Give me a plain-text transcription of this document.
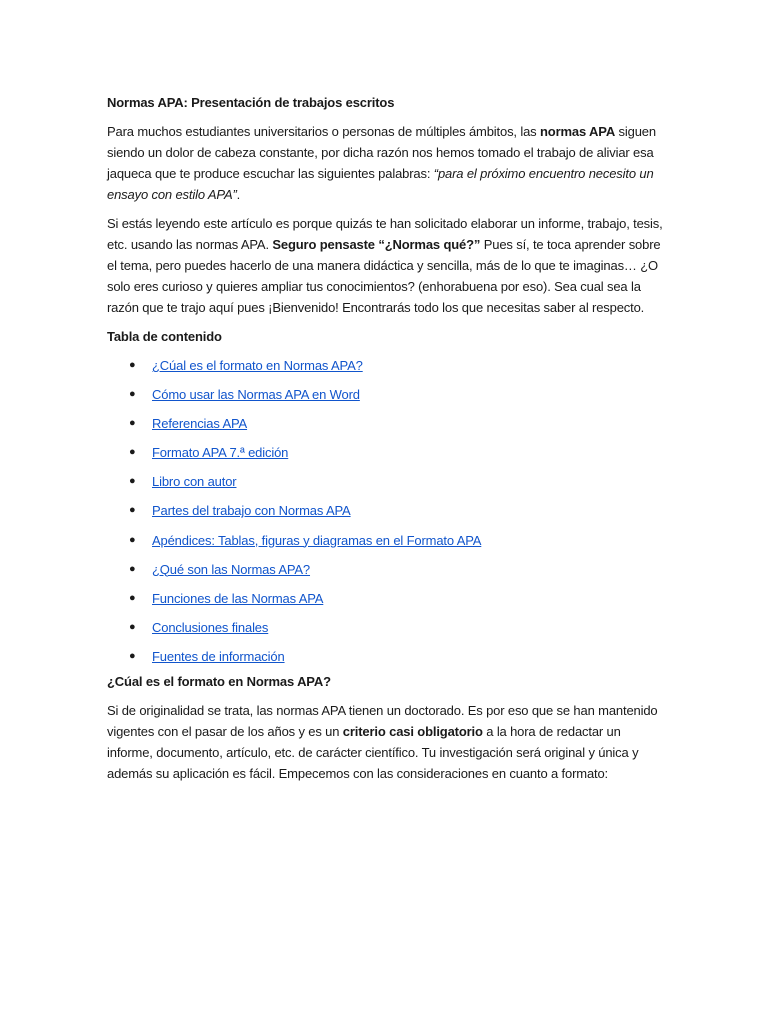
Normas APA: Presentación de trabajos escritos

Para muchos estudiantes universitarios o personas de múltiples ámbitos, las normas APA siguen siendo un dolor de cabeza constante, por dicha razón nos hemos tomado el trabajo de aliviar esa jaqueca que te produce escuchar las siguientes palabras: “para el próximo encuentro necesito un ensayo con estilo APA”.

Si estás leyendo este artículo es porque quizás te han solicitado elaborar un informe, trabajo, tesis, etc. usando las normas APA. Seguro pensaste “¿Normas qué?” Pues sí, te toca aprender sobre el tema, pero puedes hacerlo de una manera didáctica y sencilla, más de lo que te imaginas… ¿O solo eres curioso y quieres ampliar tus conocimientos? (enhorabuena por eso). Sea cual sea la razón que te trajo aquí pues ¡Bienvenido! Encontrarás todo los que necesitas saber al respecto.

Tabla de contenido

● ¿Cúal es el formato en Normas APA?
● Cómo usar las Normas APA en Word
● Referencias APA
● Formato APA 7.ª edición
● Libro con autor
● Partes del trabajo con Normas APA
● Apéndices: Tablas, figuras y diagramas en el Formato APA
● ¿Qué son las Normas APA?
● Funciones de las Normas APA
● Conclusiones finales
● Fuentes de información

¿Cúal es el formato en Normas APA?

Si de originalidad se trata, las normas APA tienen un doctorado. Es por eso que se han mantenido vigentes con el pasar de los años y es un criterio casi obligatorio a la hora de redactar un informe, documento, artículo, etc. de carácter científico. Tu investigación será original y única y además su aplicación es fácil. Empecemos con las consideraciones en cuanto a formato:
